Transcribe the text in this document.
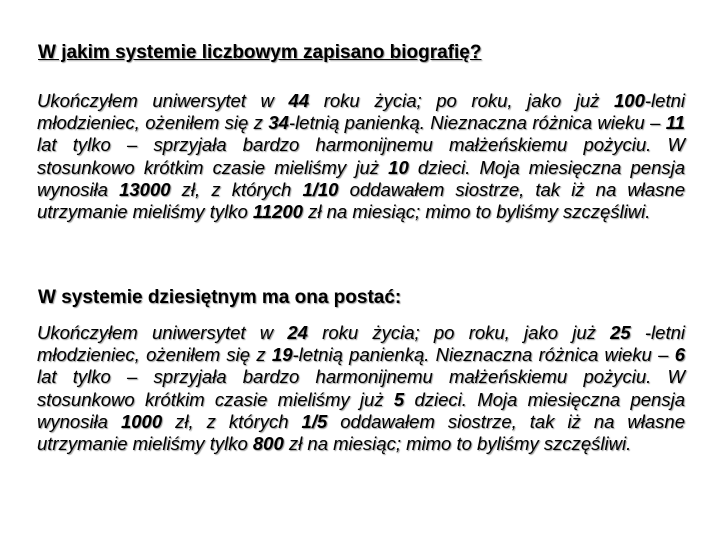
W jakim systemie liczbowym zapisano biografię?
Ukończyłem uniwersytet w 44 roku życia; po roku, jako już 100-letni młodzieniec, ożeniłem się z 34-letnią panienką. Nieznaczna różnica wieku – 11 lat tylko – sprzyjała bardzo harmonijnemu małżeńskiemu pożyciu. W stosunkowo krótkim czasie mieliśmy już 10 dzieci. Moja miesięczna pensja wynosiła 13000 zł, z których 1/10 oddawałem siostrze, tak iż na własne utrzymanie mieliśmy tylko 11200 zł na miesiąc; mimo to byliśmy szczęśliwi.
W systemie dziesiętnym ma ona postać:
Ukończyłem uniwersytet w 24 roku życia; po roku, jako już 25 -letni młodzieniec, ożeniłem się z 19-letnią panienką. Nieznaczna różnica wieku – 6 lat tylko – sprzyjała bardzo harmonijnemu małżeńskiemu pożyciu. W stosunkowo krótkim czasie mieliśmy już 5 dzieci. Moja miesięczna pensja wynosiła 1000 zł, z których 1/5 oddawałem siostrze, tak iż na własne utrzymanie mieliśmy tylko 800 zł na miesiąc; mimo to byliśmy szczęśliwi.
